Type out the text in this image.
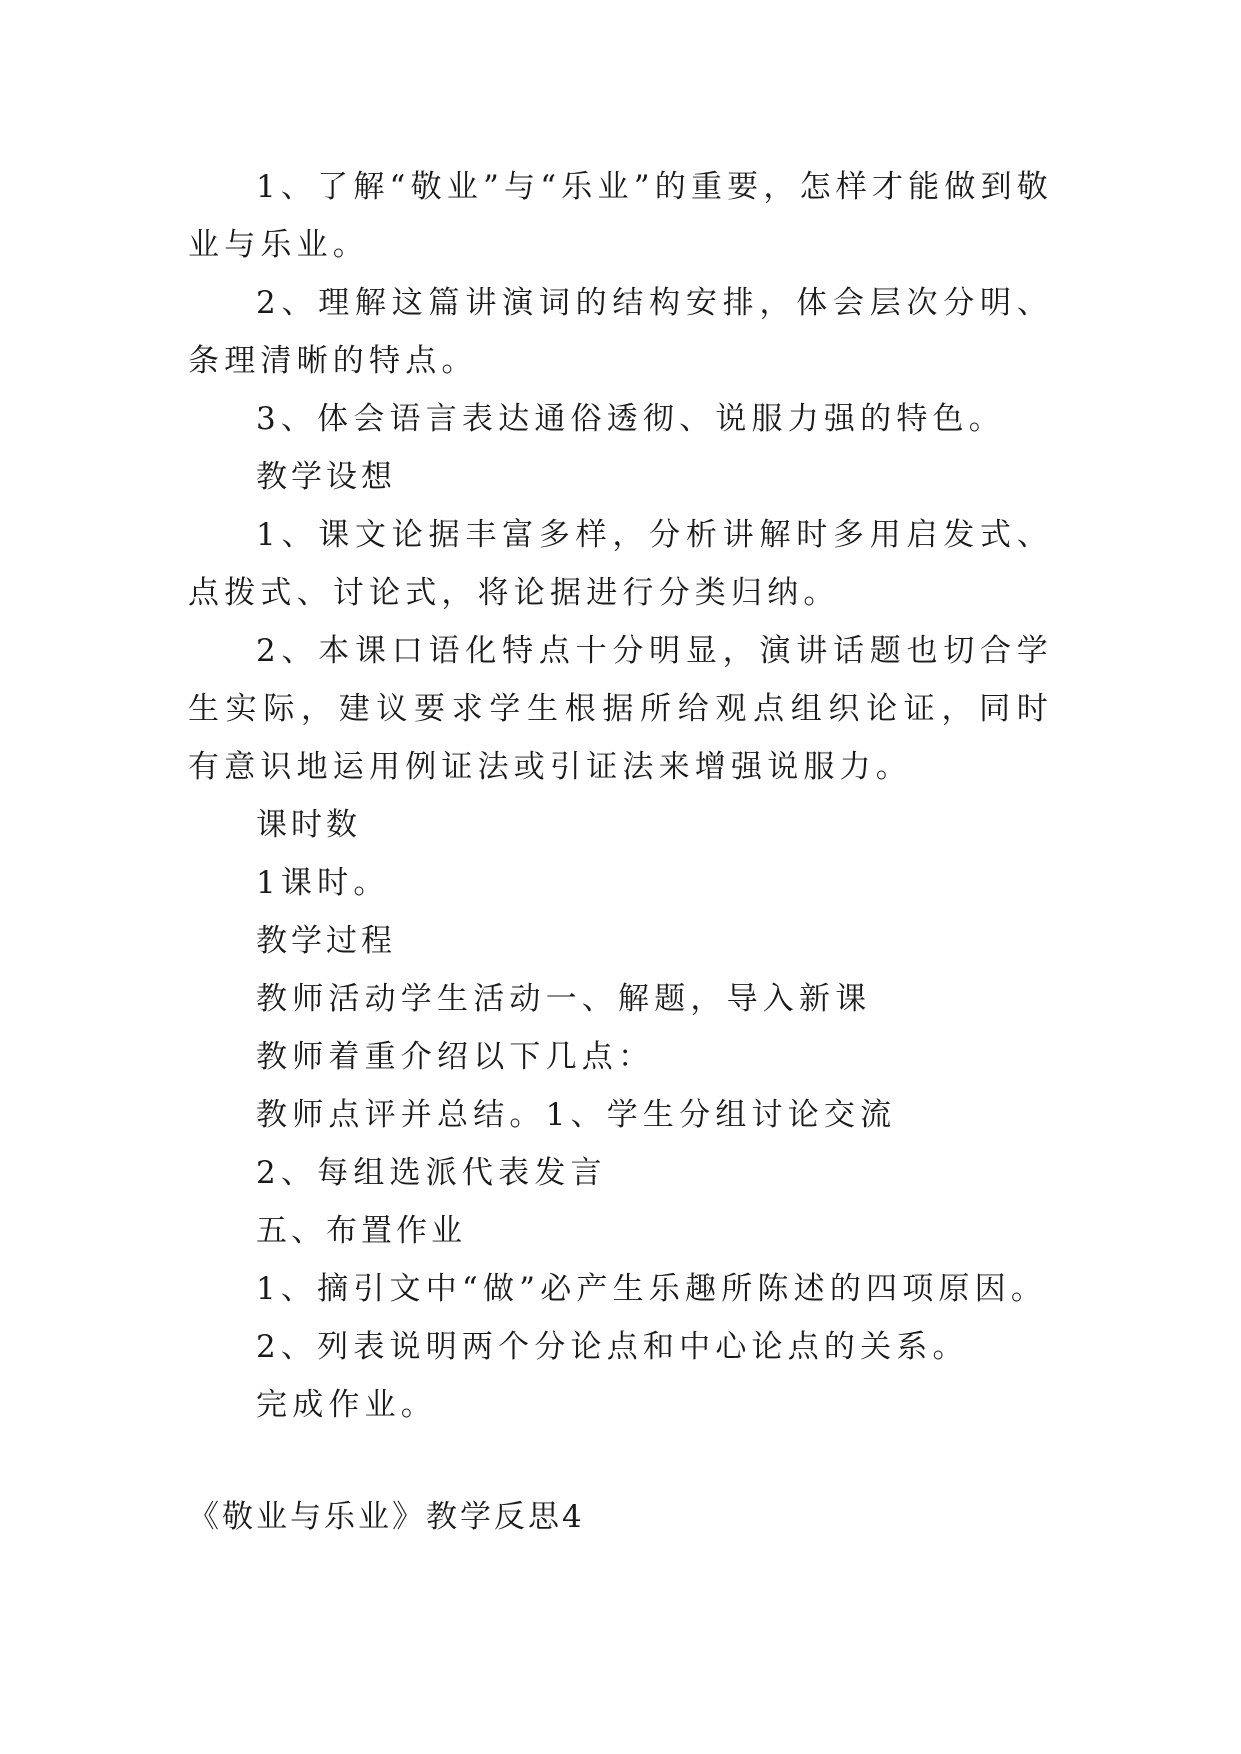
1、了解“敬业”与“乐业”的重要，怎样才能做到敬业与乐业。

2、理解这篇讲演词的结构安排，体会层次分明、条理清晰的特点。

3、体会语言表达通俗透彻、说服力强的特色。

教学设想

1、课文论据丰富多样，分析讲解时多用启发式、点拨式、讨论式，将论据进行分类归纳。

2、本课口语化特点十分明显，演讲话题也切合学生实际，建议要求学生根据所给观点组织论证，同时有意识地运用例证法或引证法来增强说服力。

课时数

1课时。

教学过程

教师活动学生活动一、解题，导入新课

教师着重介绍以下几点：

教师点评并总结。1、学生分组讨论交流

2、每组选派代表发言

五、布置作业

1、摘引文中“做”必产生乐趣所陈述的四项原因。

2、列表说明两个分论点和中心论点的关系。

完成作业。

《敬业与乐业》教学反思4
